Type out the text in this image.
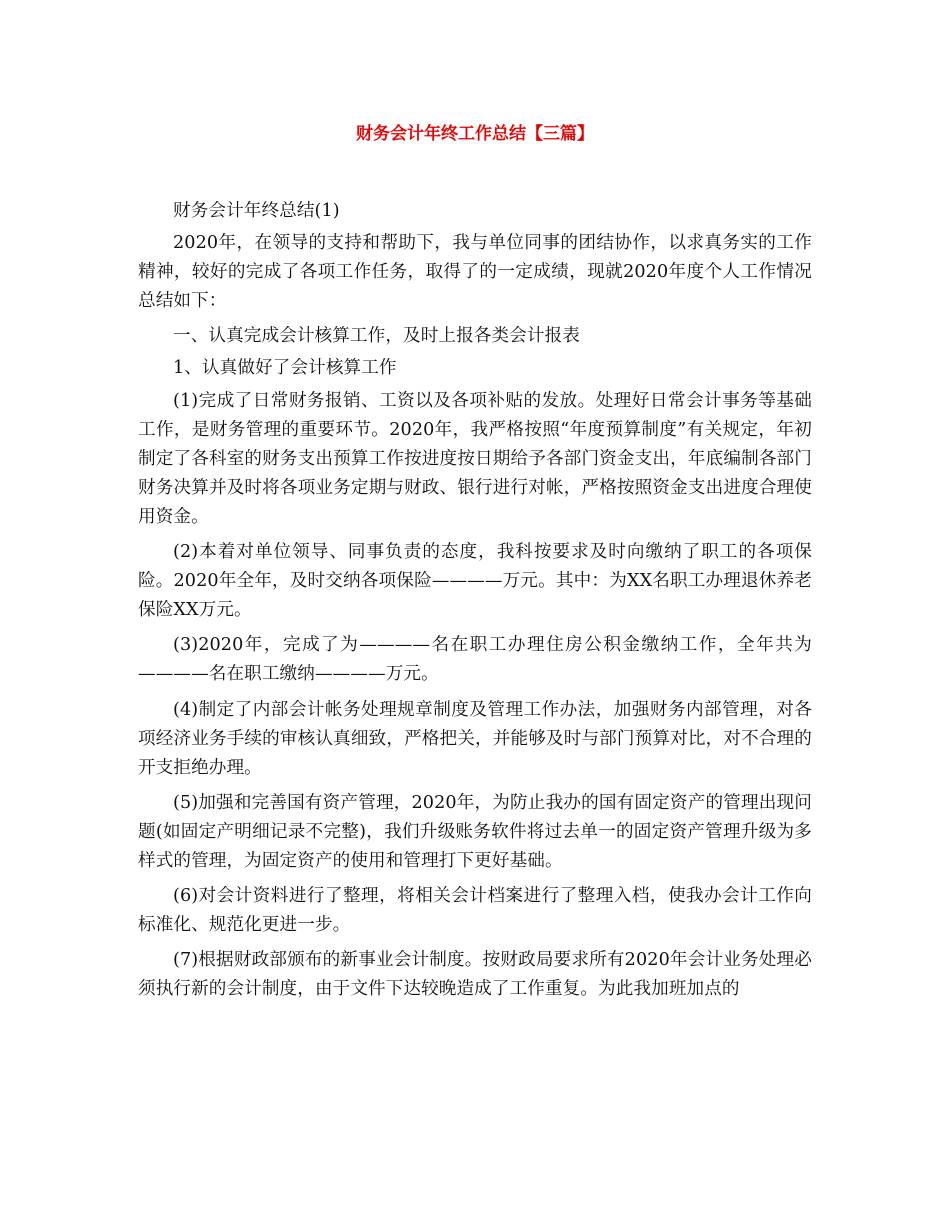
财务会计年终工作总结【三篇】

财务会计年终总结(1)

2020年，在领导的支持和帮助下，我与单位同事的团结协作，以求真务实的工作精神，较好的完成了各项工作任务，取得了的一定成绩，现就2020年度个人工作情况总结如下：

一、认真完成会计核算工作，及时上报各类会计报表

1、认真做好了会计核算工作

(1)完成了日常财务报销、工资以及各项补贴的发放。处理好日常会计事务等基础工作，是财务管理的重要环节。2020年，我严格按照“年度预算制度”有关规定，年初制定了各科室的财务支出预算工作按进度按日期给予各部门资金支出，年底编制各部门财务决算并及时将各项业务定期与财政、银行进行对帐，严格按照资金支出进度合理使用资金。

(2)本着对单位领导、同事负责的态度，我科按要求及时向缴纳了职工的各项保险。2020年全年，及时交纳各项保险————万元。其中：为XX名职工办理退休养老保险XX万元。

(3)2020年，完成了为————名在职工办理住房公积金缴纳工作，全年共为————名在职工缴纳————万元。

(4)制定了内部会计帐务处理规章制度及管理工作办法，加强财务内部管理，对各项经济业务手续的审核认真细致，严格把关，并能够及时与部门预算对比，对不合理的开支拒绝办理。

(5)加强和完善国有资产管理，2020年，为防止我办的国有固定资产的管理出现问题(如固定产明细记录不完整)，我们升级账务软件将过去单一的固定资产管理升级为多样式的管理，为固定资产的使用和管理打下更好基础。

(6)对会计资料进行了整理，将相关会计档案进行了整理入档，使我办会计工作向标准化、规范化更进一步。

(7)根据财政部颁布的新事业会计制度。按财政局要求所有2020年会计业务处理必须执行新的会计制度，由于文件下达较晚造成了工作重复。为此我加班加点的
